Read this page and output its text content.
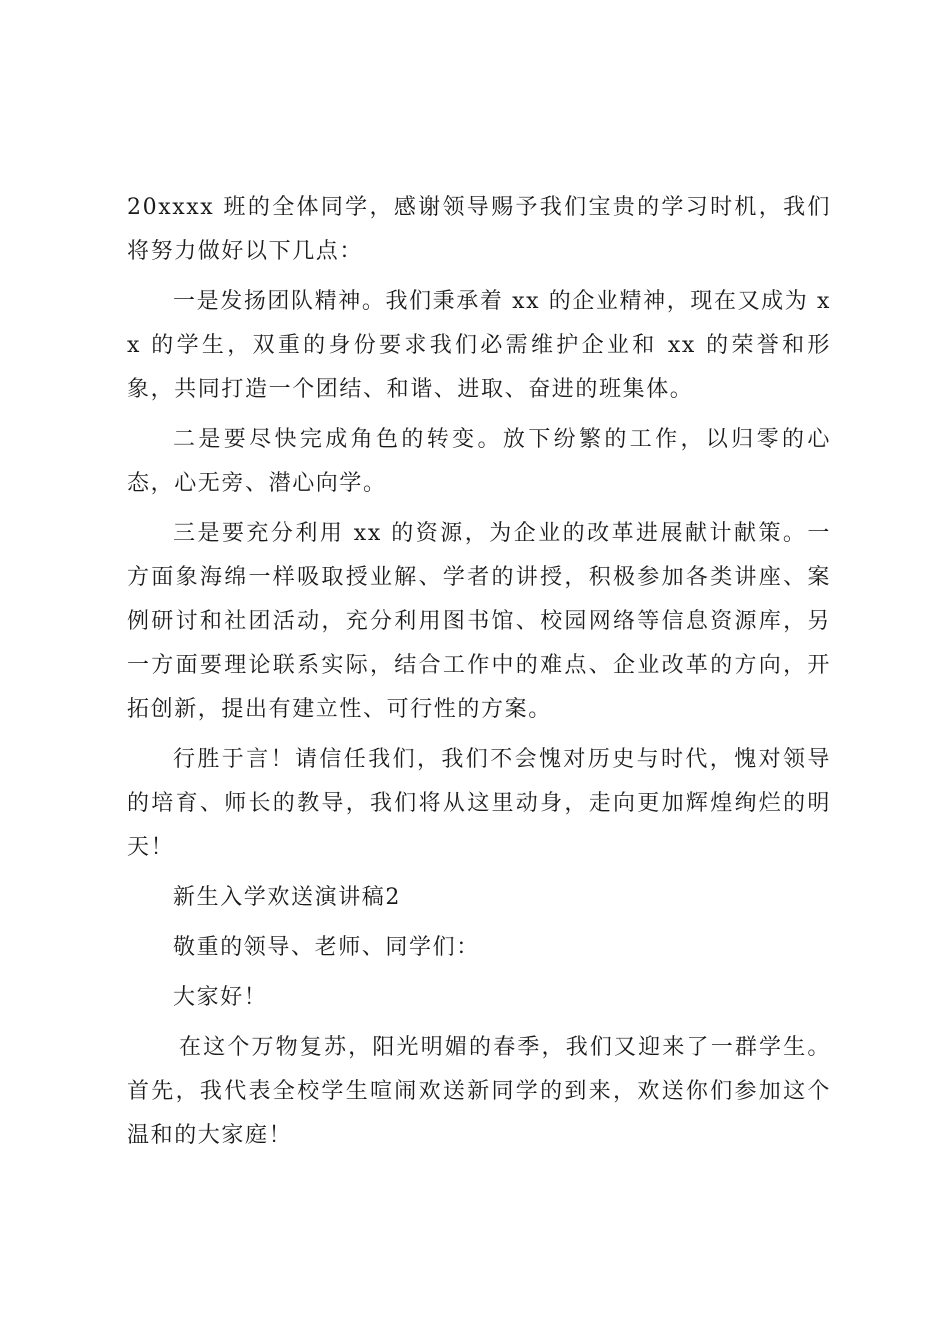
20xxxx 班的全体同学，感谢领导赐予我们宝贵的学习时机，我们将努力做好以下几点：

一是发扬团队精神。我们秉承着 xx 的企业精神，现在又成为 xx 的学生，双重的身份要求我们必需维护企业和 xx 的荣誉和形象，共同打造一个团结、和谐、进取、奋进的班集体。

二是要尽快完成角色的转变。放下纷繁的工作，以归零的心态，心无旁、潜心向学。

三是要充分利用 xx 的资源，为企业的改革进展献计献策。一方面象海绵一样吸取授业解、学者的讲授，积极参加各类讲座、案例研讨和社团活动，充分利用图书馆、校园网络等信息资源库，另一方面要理论联系实际，结合工作中的难点、企业改革的方向，开拓创新，提出有建立性、可行性的方案。

行胜于言！请信任我们，我们不会愧对历史与时代，愧对领导的培育、师长的教导，我们将从这里动身，走向更加辉煌绚烂的明天！

新生入学欢送演讲稿2

敬重的领导、老师、同学们：

大家好！

在这个万物复苏，阳光明媚的春季，我们又迎来了一群学生。首先，我代表全校学生喧闹欢送新同学的到来，欢送你们参加这个温和的大家庭！
